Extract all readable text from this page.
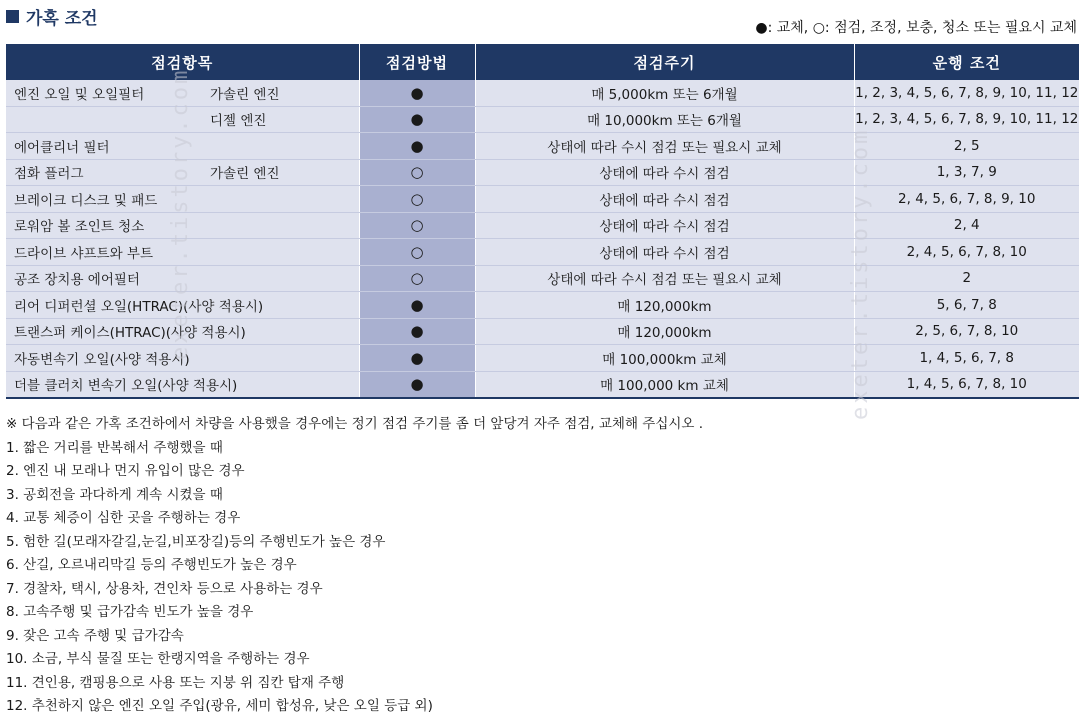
가혹 조건	●: 교체, ○: 점검, 조정, 보충, 청소 또는 필요시 교체
점검항목	점검방법	점검주기	운행 조건

엔진 오일 및 오일필터 가솔린 엔진	●	매 5,000km 또는 6개월	1, 2, 3, 4, 5, 6, 7, 8, 9, 10, 11, 12

디젤 엔진	●	매 10,000km 또는 6개월	1, 2, 3, 4, 5, 6, 7, 8, 9, 10, 11, 12

에어클리너 필터	●	상태에 따라 수시 점검 또는 필요시 교체	2, 5

점화 플러그 가솔린 엔진	○	상태에 따라 수시 점검	1, 3, 7, 9

브레이크 디스크 및 패드	○	상태에 따라 수시 점검	2, 4, 5, 6, 7, 8, 9, 10

로워암 볼 조인트 청소	○	상태에 따라 수시 점검	2, 4

드라이브 샤프트와 부트	○	상태에 따라 수시 점검	2, 4, 5, 6, 7, 8, 10

공조 장치용 에어필터	○	상태에 따라 수시 점검 또는 필요시 교체	2

리어 디퍼런셜 오일(HTRAC)(사양 적용시)	●	매 120,000km	5, 6, 7, 8

트랜스퍼 케이스(HTRAC)(사양 적용시)	●	매 120,000km	2, 5, 6, 7, 8, 10

자동변속기 오일(사양 적용시)	●	매 100,000km 교체	1, 4, 5, 6, 7, 8

더블 클러치 변속기 오일(사양 적용시)	●	매 100,000 km 교체	1, 4, 5, 6, 7, 8, 10
※ 다음과 같은 가혹 조건하에서 차량을 사용했을 경우에는 정기 점검 주기를 좀 더 앞당겨 자주 점검, 교체해 주십시오 .
1. 짧은 거리를 반복해서 주행했을 때
2. 엔진 내 모래나 먼지 유입이 많은 경우
3. 공회전을 과다하게 계속 시켰을 때
4. 교통 체증이 심한 곳을 주행하는 경우
5. 험한 길(모래자갈길,눈길,비포장길)등의 주행빈도가 높은 경우
6. 산길, 오르내리막길 등의 주행빈도가 높은 경우
7. 경찰차, 택시, 상용차, 견인차 등으로 사용하는 경우
8. 고속주행 및 급가감속 빈도가 높을 경우
9. 잦은 고속 주행 및 급가감속
10. 소금, 부식 물질 또는 한랭지역을 주행하는 경우
11. 견인용, 캠핑용으로 사용 또는 지붕 위 짐칸 탑재 주행
12. 추천하지 않은 엔진 오일 주입(광유, 세미 합성유, 낮은 오일 등급 외)
exeter.tistory.com	exeter.tistory.com
